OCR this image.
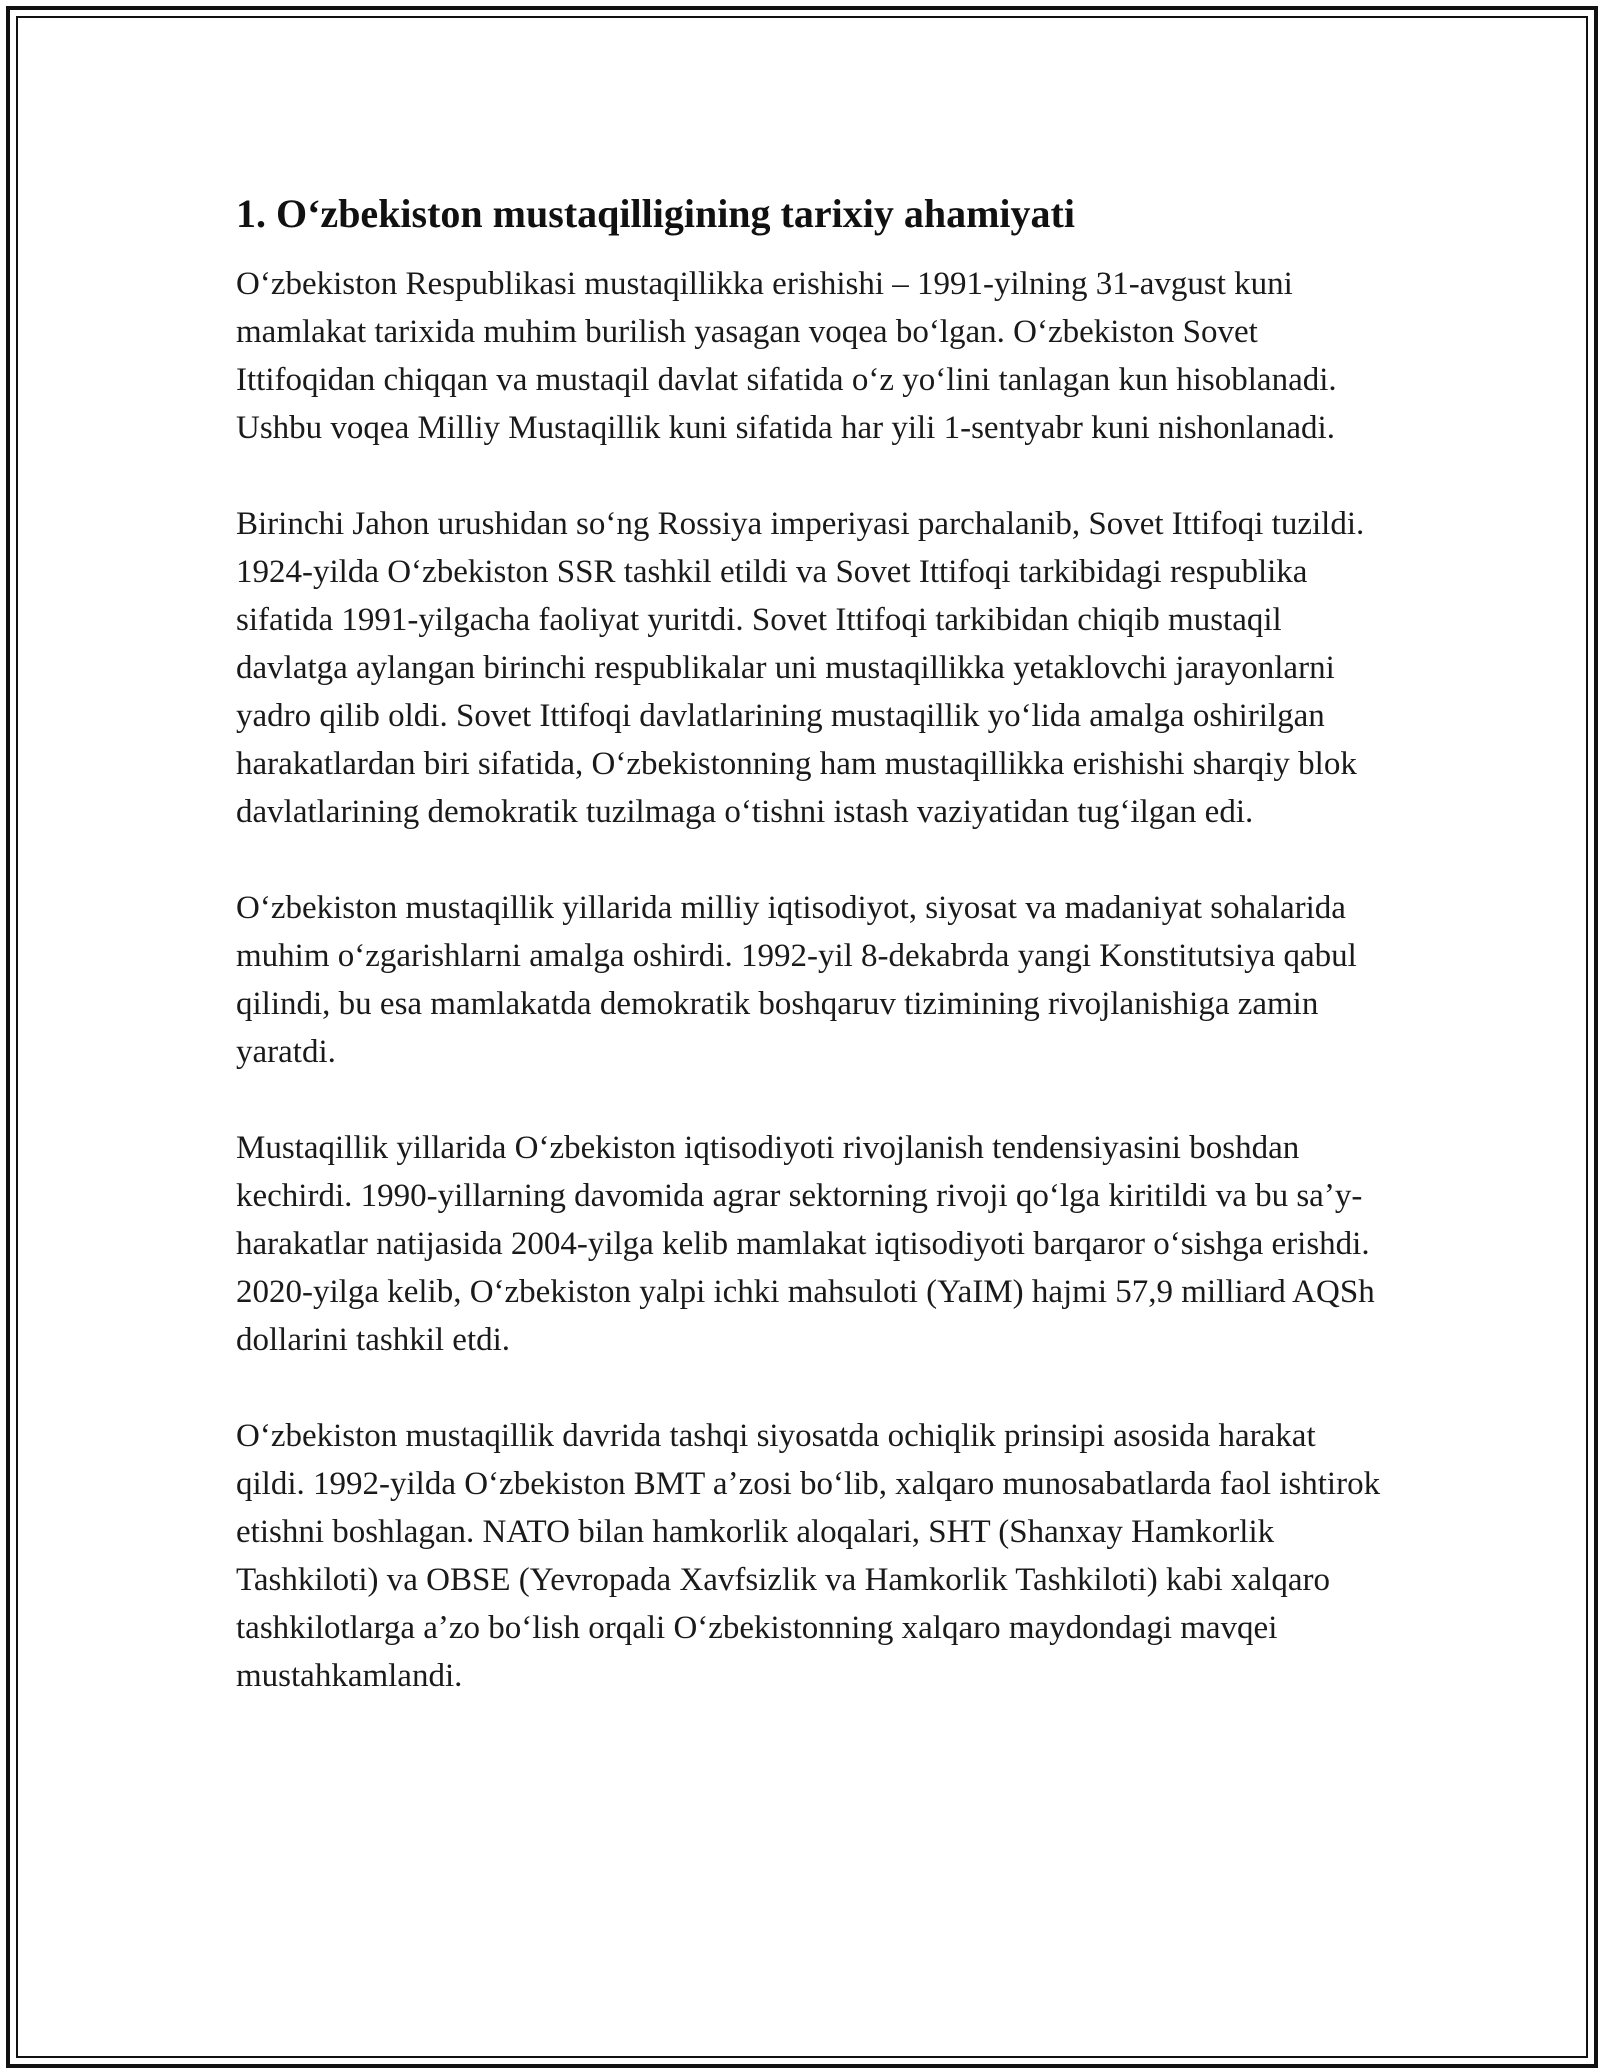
1. Oʻzbekiston mustaqilligining tarixiy ahamiyati

Oʻzbekiston Respublikasi mustaqillikka erishishi – 1991-yilning 31-avgust kuni mamlakat tarixida muhim burilish yasagan voqea boʻlgan. Oʻzbekiston Sovet Ittifoqidan chiqqan va mustaqil davlat sifatida oʻz yoʻlini tanlagan kun hisoblanadi. Ushbu voqea Milliy Mustaqillik kuni sifatida har yili 1-sentyabr kuni nishonlanadi.

Birinchi Jahon urushidan soʻng Rossiya imperiyasi parchalanib, Sovet Ittifoqi tuzildi. 1924-yilda Oʻzbekiston SSR tashkil etildi va Sovet Ittifoqi tarkibidagi respublika sifatida 1991-yilgacha faoliyat yuritdi. Sovet Ittifoqi tarkibidan chiqib mustaqil davlatga aylangan birinchi respublikalar uni mustaqillikka yetaklovchi jarayonlarni yadro qilib oldi. Sovet Ittifoqi davlatlarining mustaqillik yoʻlida amalga oshirilgan harakatlardan biri sifatida, Oʻzbekistonning ham mustaqillikka erishishi sharqiy blok davlatlarining demokratik tuzilmaga oʻtishni istash vaziyatidan tugʻilgan edi.

Oʻzbekiston mustaqillik yillarida milliy iqtisodiyot, siyosat va madaniyat sohalarida muhim oʻzgarishlarni amalga oshirdi. 1992-yil 8-dekabrda yangi Konstitutsiya qabul qilindi, bu esa mamlakatda demokratik boshqaruv tizimining rivojlanishiga zamin yaratdi.

Mustaqillik yillarida Oʻzbekiston iqtisodiyoti rivojlanish tendensiyasini boshdan kechirdi. 1990-yillarning davomida agrar sektorning rivoji qoʻlga kiritildi va bu saʼy-harakatlar natijasida 2004-yilga kelib mamlakat iqtisodiyoti barqaror oʻsishga erishdi. 2020-yilga kelib, Oʻzbekiston yalpi ichki mahsuloti (YaIM) hajmi 57,9 milliard AQSh dollarini tashkil etdi.

Oʻzbekiston mustaqillik davrida tashqi siyosatda ochiqlik prinsipi asosida harakat qildi. 1992-yilda Oʻzbekiston BMT aʼzosi boʻlib, xalqaro munosabatlarda faol ishtirok etishni boshlagan. NATO bilan hamkorlik aloqalari, SHT (Shanxay Hamkorlik Tashkiloti) va OBSE (Yevropada Xavfsizlik va Hamkorlik Tashkiloti) kabi xalqaro tashkilotlarga aʼzo boʻlish orqali Oʻzbekistonning xalqaro maydondagi mavqei mustahkamlandi.
